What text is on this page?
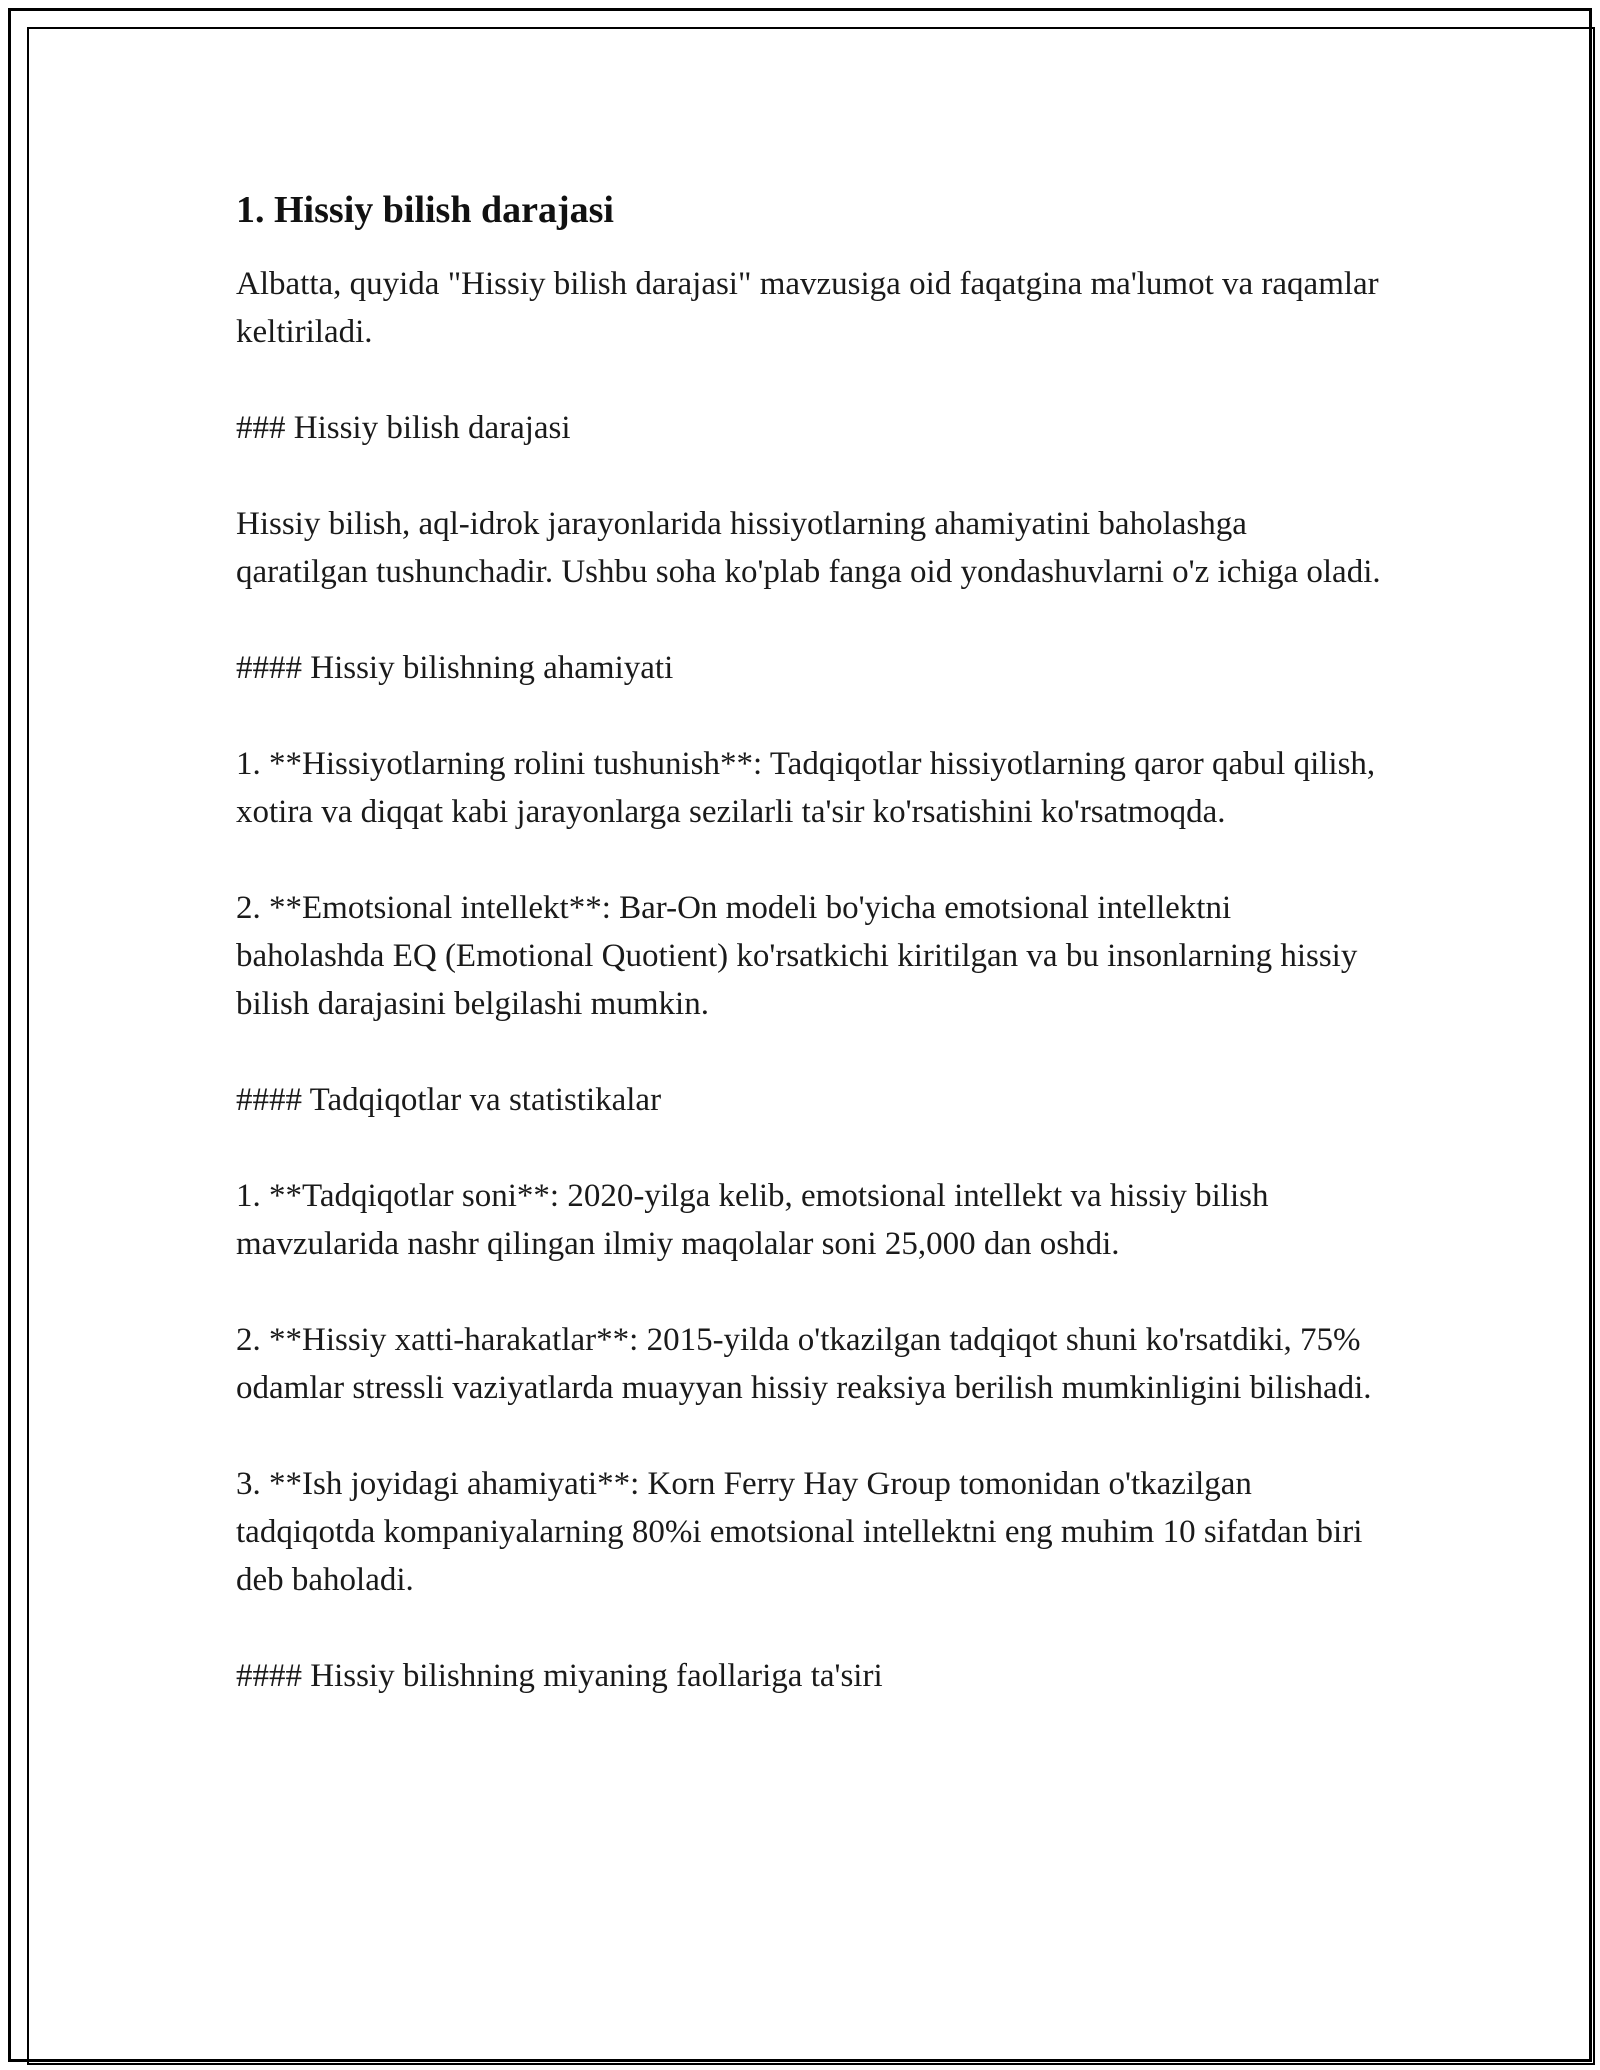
1. Hissiy bilish darajasi

Albatta, quyida "Hissiy bilish darajasi" mavzusiga oid faqatgina ma'lumot va raqamlar keltiriladi.

### Hissiy bilish darajasi

Hissiy bilish, aql-idrok jarayonlarida hissiyotlarning ahamiyatini baholashga qaratilgan tushunchadir. Ushbu soha ko'plab fanga oid yondashuvlarni o'z ichiga oladi.

#### Hissiy bilishning ahamiyati

1. **Hissiyotlarning rolini tushunish**: Tadqiqotlar hissiyotlarning qaror qabul qilish, xotira va diqqat kabi jarayonlarga sezilarli ta'sir ko'rsatishini ko'rsatmoqda.

2. **Emotsional intellekt**: Bar-On modeli bo'yicha emotsional intellektni baholashda EQ (Emotional Quotient) ko'rsatkichi kiritilgan va bu insonlarning hissiy bilish darajasini belgilashi mumkin.

#### Tadqiqotlar va statistikalar

1. **Tadqiqotlar soni**: 2020-yilga kelib, emotsional intellekt va hissiy bilish mavzularida nashr qilingan ilmiy maqolalar soni 25,000 dan oshdi.

2. **Hissiy xatti-harakatlar**: 2015-yilda o'tkazilgan tadqiqot shuni ko'rsatdiki, 75% odamlar stressli vaziyatlarda muayyan hissiy reaksiya berilish mumkinligini bilishadi.

3. **Ish joyidagi ahamiyati**: Korn Ferry Hay Group tomonidan o'tkazilgan tadqiqotda kompaniyalarning 80%i emotsional intellektni eng muhim 10 sifatdan biri deb baholadi.

#### Hissiy bilishning miyaning faollariga ta'siri
